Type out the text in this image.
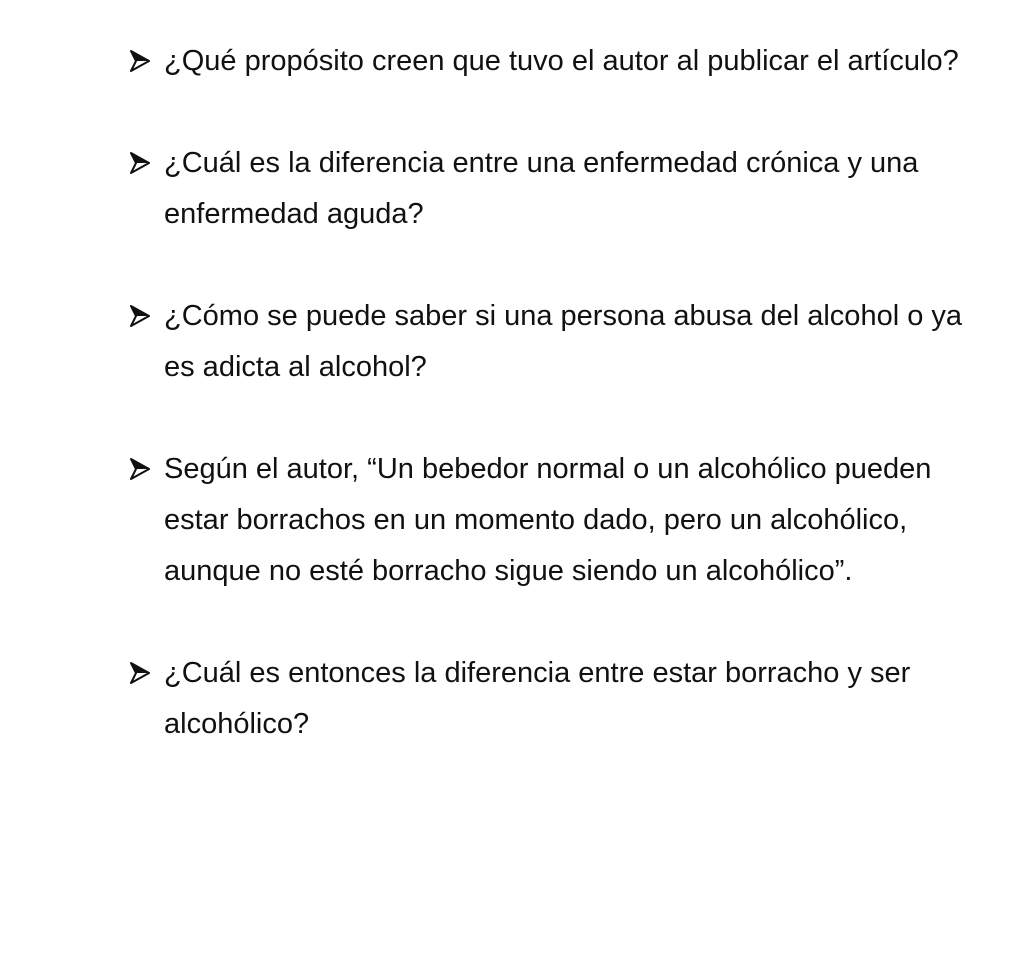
¿Qué propósito creen que tuvo el autor al publicar el artículo?
¿Cuál es la diferencia entre una enfermedad crónica y una enfermedad aguda?
¿Cómo se puede saber si una persona abusa del alcohol o ya es adicta al alcohol?
Según el autor, “Un bebedor normal o un alcohólico pueden estar borrachos en un momento dado, pero un alcohólico, aunque no esté borracho sigue siendo un alcohólico”.
¿Cuál es entonces la diferencia entre estar borracho y ser alcohólico?
